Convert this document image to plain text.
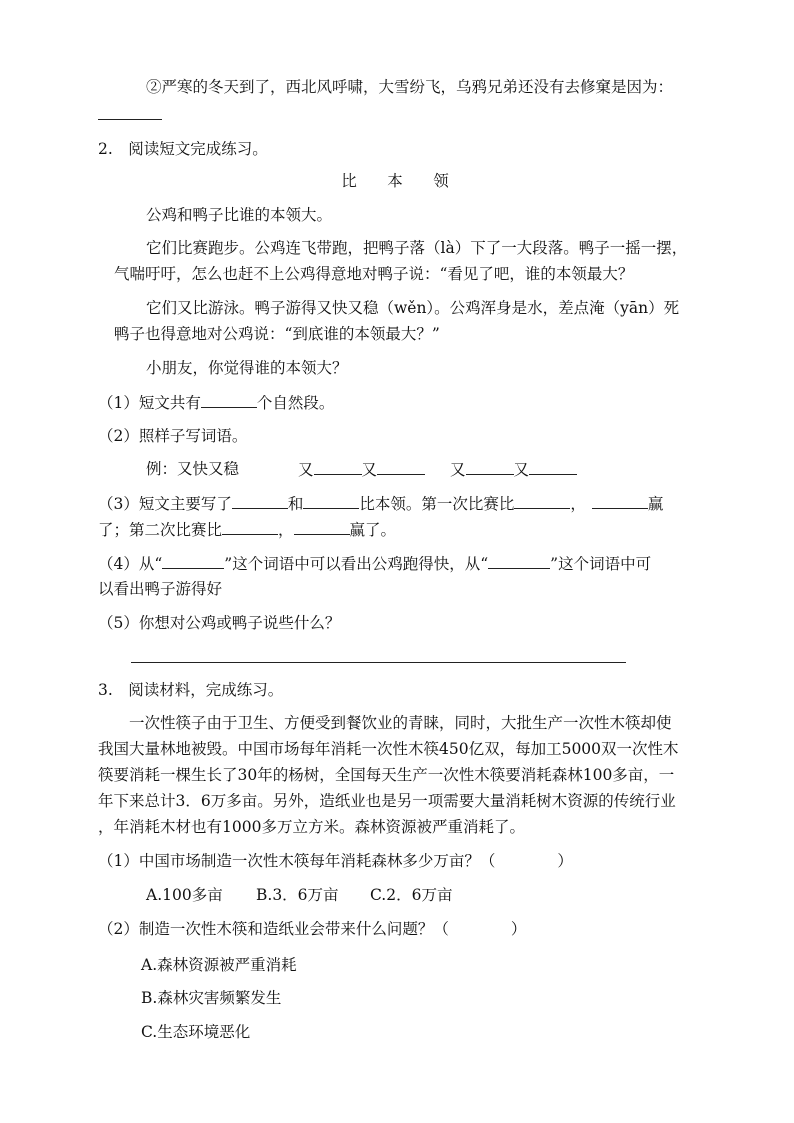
②严寒的冬天到了，西北风呼啸，大雪纷飞，乌鸦兄弟还没有去修窠是因为：
2.　阅读短文完成练习。
比 本 领
公鸡和鸭子比谁的本领大。
它们比赛跑步。公鸡连飞带跑，把鸭子落（là）下了一大段落。鸭子一摇一摆，
气喘吁吁，怎么也赶不上公鸡得意地对鸭子说：“看见了吧，谁的本领最大？
它们又比游泳。鸭子游得又快又稳（wěn）。公鸡浑身是水，差点淹（yān）死
鸭子也得意地对公鸡说：“到底谁的本领最大？”
小朋友，你觉得谁的本领大？
（1）短文共有	个自然段。
（2）照样子写词语。
例：又快又稳	又	又	又	又
（3）短文主要写了	和	比本领。第一次比赛比	，	赢
了；第二次比赛比	，	赢了。
（4）从“	”这个词语中可以看出公鸡跑得快，从“	”这个词语中可
以看出鸭子游得好
（5）你想对公鸡或鸭子说些什么？
3.　阅读材料，完成练习。
一次性筷子由于卫生、方便受到餐饮业的青睐，同时，大批生产一次性木筷却使
我国大量林地被毁。中国市场每年消耗一次性木筷450亿双，每加工5000双一次性木
筷要消耗一棵生长了30年的杨树，全国每天生产一次性木筷要消耗森林100多亩，一
年下来总计3．6万多亩。另外，造纸业也是另一项需要大量消耗树木资源的传统行业
，年消耗木材也有1000多万立方米。森林资源被严重消耗了。
（1）中国市场制造一次性木筷每年消耗森林多少万亩？（　　　　）
A.100多亩 B.3．6万亩 C.2．6万亩
（2）制造一次性木筷和造纸业会带来什么问题？（　　　　）
A.森林资源被严重消耗
B.森林灾害频繁发生
C.生态环境恶化
